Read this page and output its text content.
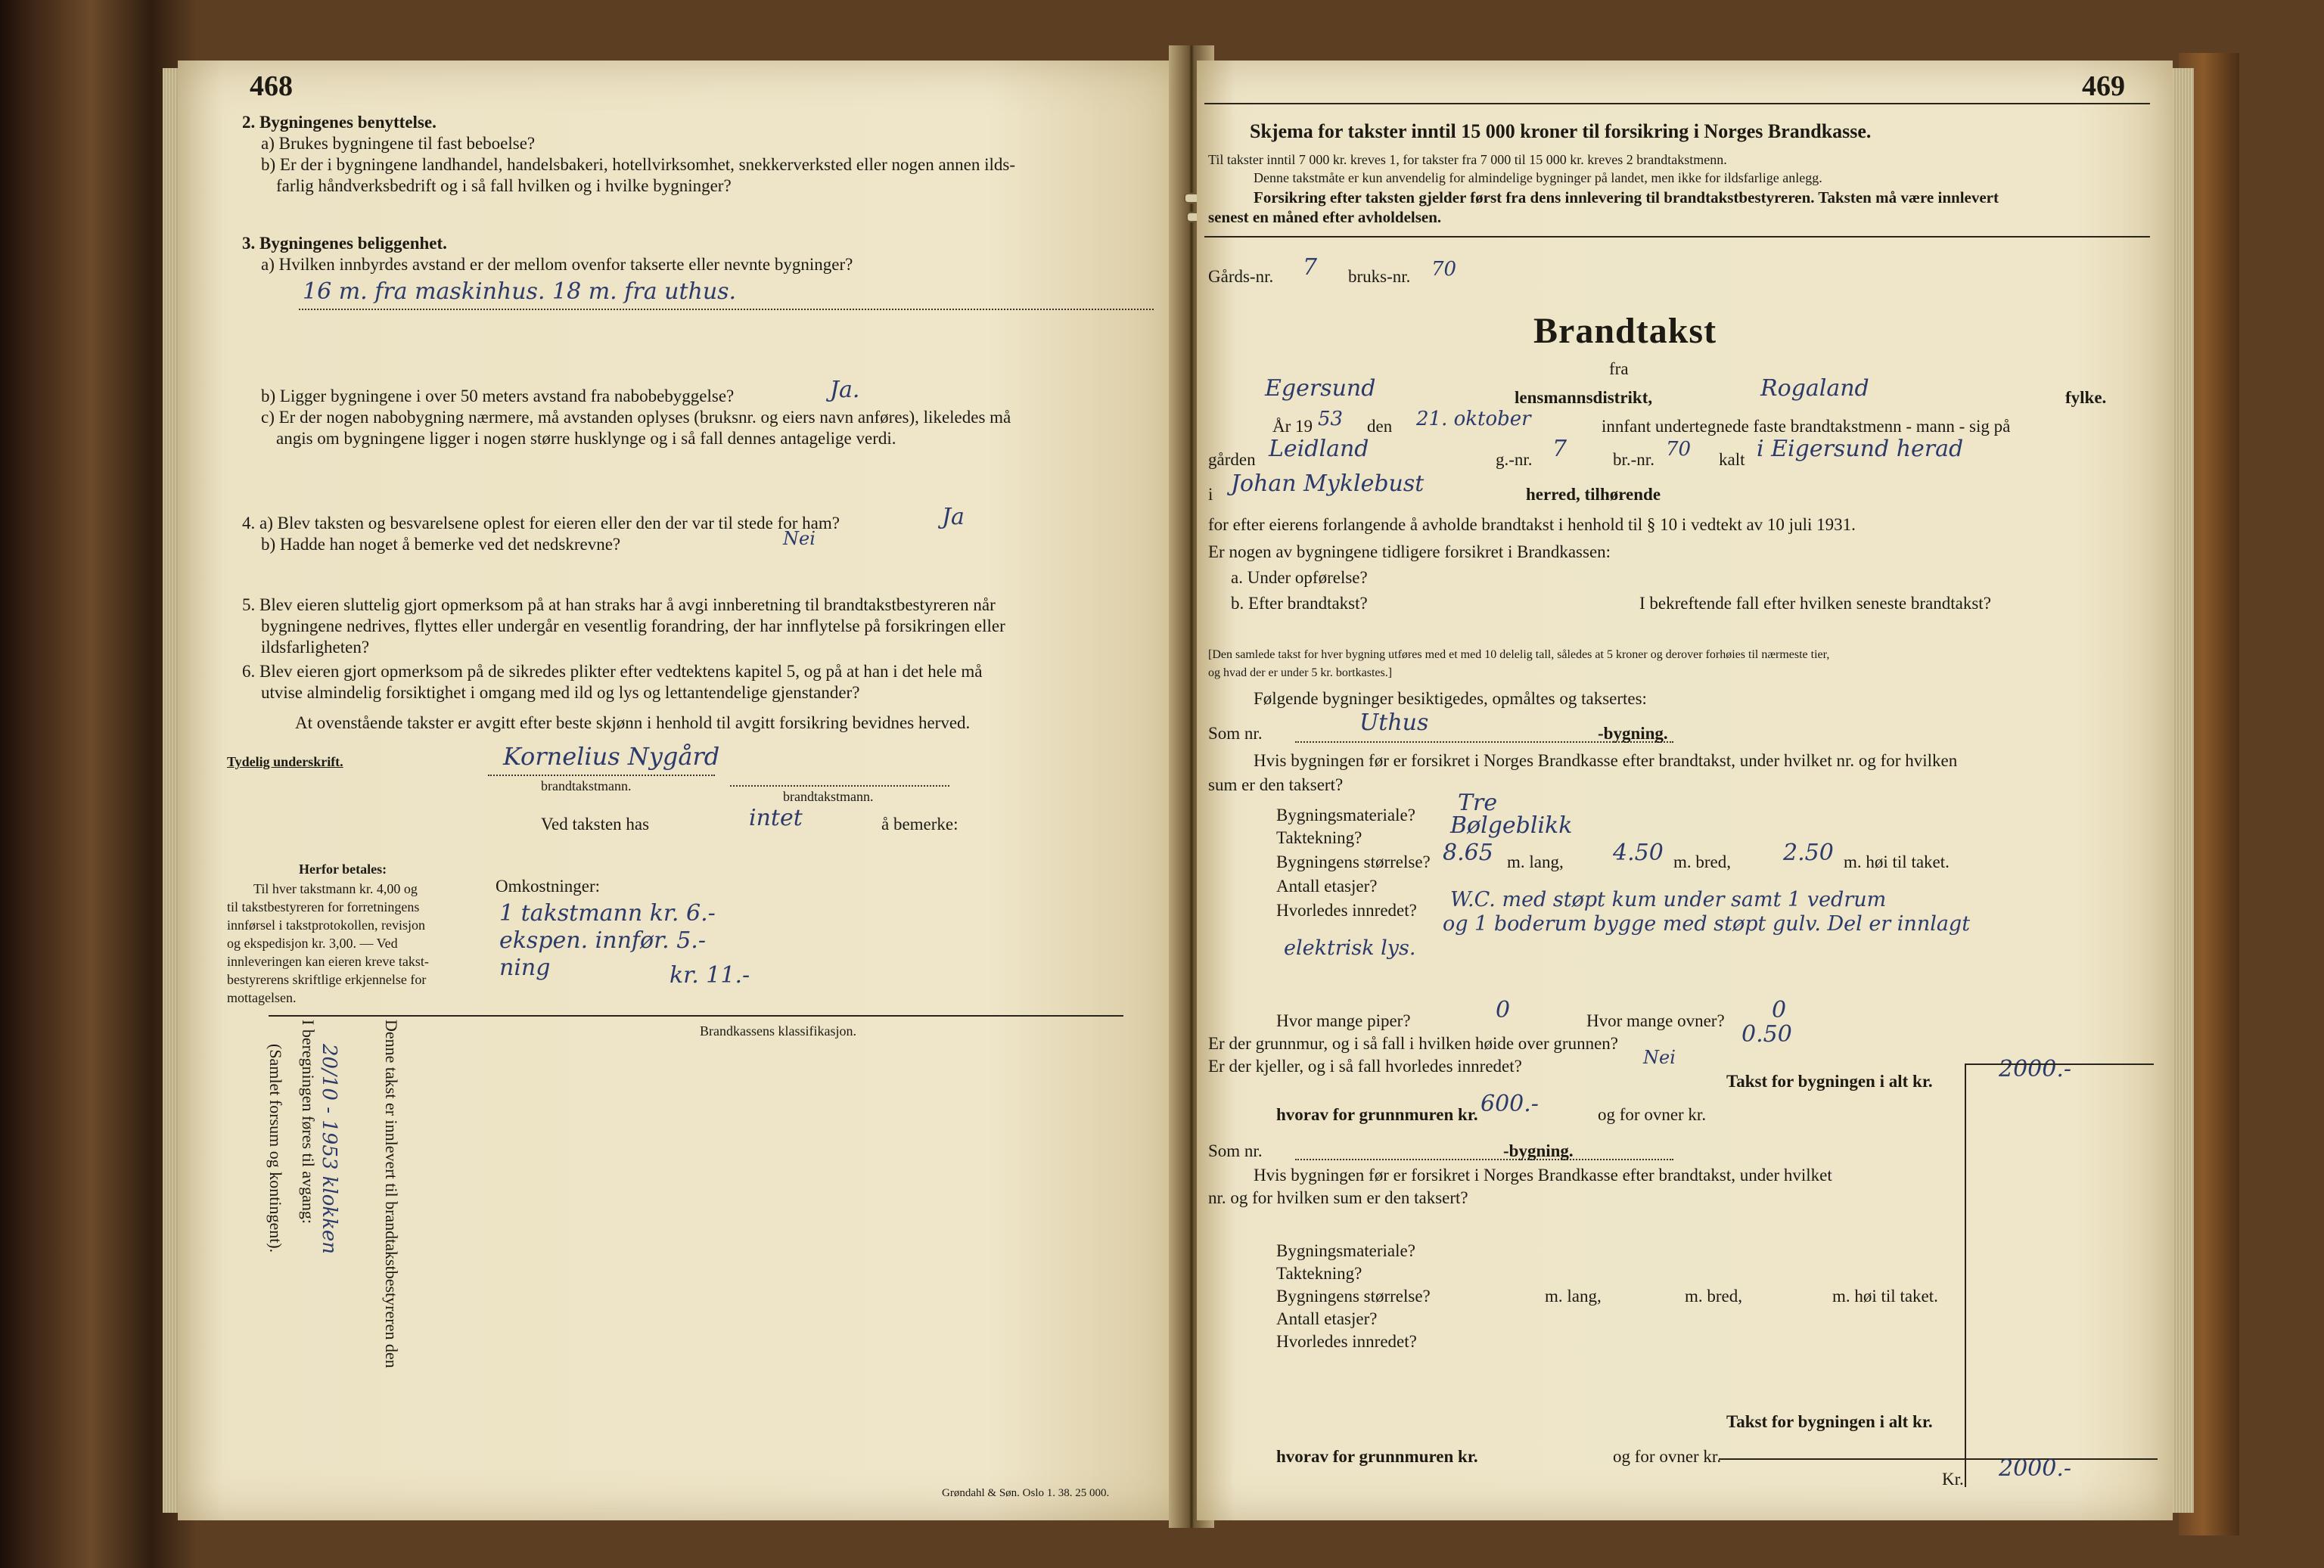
468
2. Bygningenes benyttelse.
a) Brukes bygningene til fast beboelse?
b) Er der i bygningene landhandel, handelsbakeri, hotellvirksomhet, snekkerverksted eller nogen annen ilds-
farlig håndverksbedrift og i så fall hvilken og i hvilke bygninger?
3. Bygningenes beliggenhet.
a) Hvilken innbyrdes avstand er der mellom ovenfor takserte eller nevnte bygninger?
16 m. fra maskinhus. 18 m. fra uthus.
b) Ligger bygningene i over 50 meters avstand fra nabobebyggelse?	Ja.
c) Er der nogen nabobygning nærmere, må avstanden oplyses (bruksnr. og eiers navn anføres), likeledes må
angis om bygningene ligger i nogen større husklynge og i så fall dennes antagelige verdi.
4. a) Blev taksten og besvarelsene oplest for eieren eller den der var til stede for ham?	Ja
b) Hadde han noget å bemerke ved det nedskrevne?	Nei
5. Blev eieren sluttelig gjort opmerksom på at han straks har å avgi innberetning til brandtakstbestyreren når
bygningene nedrives, flyttes eller undergår en vesentlig forandring, der har innflytelse på forsikringen eller
ildsfarligheten?
6. Blev eieren gjort opmerksom på de sikredes plikter efter vedtektens kapitel 5, og på at han i det hele må
utvise almindelig forsiktighet i omgang med ild og lys og lettantendelige gjenstander?
At ovenstående takster er avgitt efter beste skjønn i henhold til avgitt forsikring bevidnes herved.
Tydelig underskrift.	Kornelius Nygård
brandtakstmann.
brandtakstmann.
Ved taksten has	intet	å bemerke:
Herfor betales:
Til hver takstmann kr. 4,00 og
til takstbestyreren for forretningens
innførsel i takstprotokollen, revisjon
og ekspedisjon kr. 3,00. — Ved
innleveringen kan eieren kreve takst-
bestyrerens skriftlige erkjennelse for
mottagelsen.
Omkostninger:
1 takstmann kr. 6.-
ekspen. innfør. 5.-
ning	kr. 11.-
Brandkassens klassifikasjon.
Denne takst er innlevert til brandtakstbestyreren den
20/10 - 1953 klokken
I beregningen føres til avgang:
(Samlet forsum og kontingent).
Grøndahl & Søn. Oslo 1. 38. 25 000.
469
Skjema for takster inntil 15 000 kroner til forsikring i Norges Brandkasse.
Til takster inntil 7 000 kr. kreves 1, for takster fra 7 000 til 15 000 kr. kreves 2 brandtakstmenn.
Denne takstmåte er kun anvendelig for almindelige bygninger på landet, men ikke for ildsfarlige anlegg.
Forsikring efter taksten gjelder først fra dens innlevering til brandtakstbestyreren. Taksten må være innlevert
senest en måned efter avholdelsen.
Gårds-nr. 7 bruks-nr. 70
Brandtakst
fra
Egersund	lensmannsdistrikt,	Rogaland	fylke.
År 19 53 den 21. oktober	innfant undertegnede faste brandtakstmenn - mann - sig på
gården Leidland	g.-nr. 7	br.-nr. 70 kalt i Eigersund herad
i Johan Myklebust	herred, tilhørende
for efter eierens forlangende å avholde brandtakst i henhold til § 10 i vedtekt av 10 juli 1931.
Er nogen av bygningene tidligere forsikret i Brandkassen:
a. Under opførelse?
b. Efter brandtakst?	I bekreftende fall efter hvilken seneste brandtakst?
[Den samlede takst for hver bygning utføres med et med 10 delelig tall, således at 5 kroner og derover forhøies til nærmeste tier,
og hvad der er under 5 kr. bortkastes.]
Følgende bygninger besiktigedes, opmåltes og taksertes:
Som nr.	Uthus	-bygning.
Hvis bygningen før er forsikret i Norges Brandkasse efter brandtakst, under hvilket nr. og for hvilken
sum er den taksert?
Bygningsmateriale? Tre
Taktekning?	Bølgeblikk
Bygningens størrelse? 8.65 m. lang, 4.50 m. bred, 2.50 m. høi til taket.
Antall etasjer?
Hvorledes innredet? W.C. med støpt kum under samt 1 vedrum
og 1 boderum bygge med støpt gulv. Del er innlagt
elektrisk lys.
Hvor mange piper?	0	Hvor mange ovner? 0
Er der grunnmur, og i så fall i hvilken høide over grunnen?	0.50
Er der kjeller, og i så fall hvorledes innredet?	Nei
Takst for bygningen i alt kr.	2000.-
hvorav for grunnmuren kr. 600.-	og for ovner kr.
Som nr.	-bygning.
Hvis bygningen før er forsikret i Norges Brandkasse efter brandtakst, under hvilket
nr. og for hvilken sum er den taksert?
Bygningsmateriale?
Taktekning?
Bygningens størrelse?	m. lang,	m. bred,	m. høi til taket.
Antall etasjer?
Hvorledes innredet?
Takst for bygningen i alt kr.
hvorav for grunnmuren kr.	og for ovner kr.
Kr. 2000.-
